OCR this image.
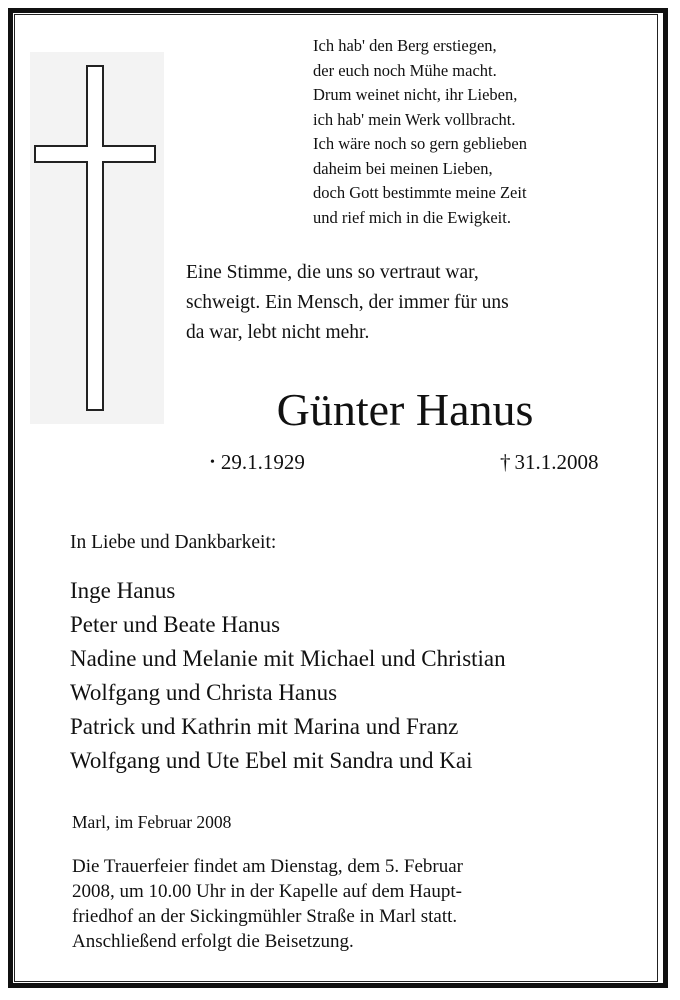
Ich hab' den Berg erstiegen,
der euch noch Mühe macht.
Drum weinet nicht, ihr Lieben,
ich hab' mein Werk vollbracht.
Ich wäre noch so gern geblieben
daheim bei meinen Lieben,
doch Gott bestimmte meine Zeit
und rief mich in die Ewigkeit.
Eine Stimme, die uns so vertraut war,
schweigt. Ein Mensch, der immer für uns
da war, lebt nicht mehr.
Günter Hanus
• 29.1.1929	† 31.1.2008
In Liebe und Dankbarkeit:
Inge Hanus
Peter und Beate Hanus
Nadine und Melanie mit Michael und Christian
Wolfgang und Christa Hanus
Patrick und Kathrin mit Marina und Franz
Wolfgang und Ute Ebel mit Sandra und Kai
Marl, im Februar 2008
Die Trauerfeier findet am Dienstag, dem 5. Februar
2008, um 10.00 Uhr in der Kapelle auf dem Haupt-
friedhof an der Sickingmühler Straße in Marl statt.
Anschließend erfolgt die Beisetzung.
